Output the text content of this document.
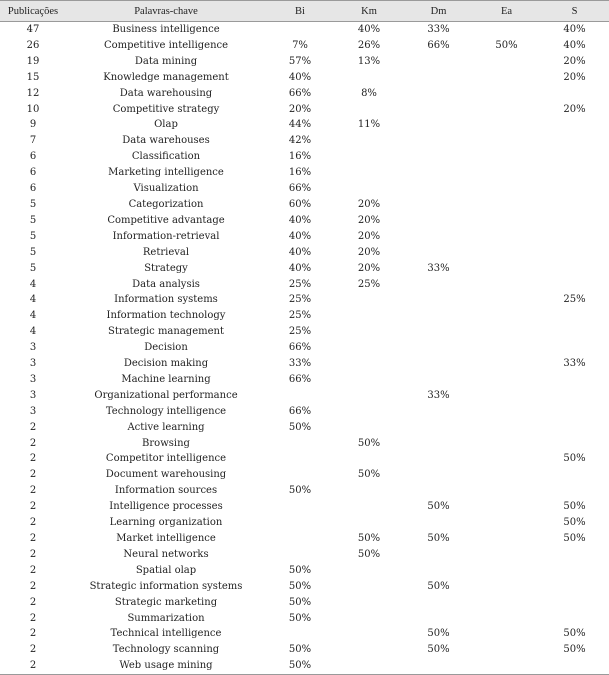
Publicações	Palavras-chave	Bi	Km	Dm	Ea	S
47	Business intelligence		40%	33%		40%
26	Competitive intelligence	7%	26%	66%	50%	40%
19	Data mining	57%	13%			20%
15	Knowledge management	40%				20%
12	Data warehousing	66%	8%			
10	Competitive strategy	20%				20%
9	Olap	44%	11%			
7	Data warehouses	42%				
6	Classification	16%				
6	Marketing intelligence	16%				
6	Visualization	66%				
5	Categorization	60%	20%			
5	Competitive advantage	40%	20%			
5	Information-retrieval	40%	20%			
5	Retrieval	40%	20%			
5	Strategy	40%	20%	33%		
4	Data analysis	25%	25%			
4	Information systems	25%				25%
4	Information technology	25%				
4	Strategic management	25%				
3	Decision	66%				
3	Decision making	33%				33%
3	Machine learning	66%				
3	Organizational performance			33%		
3	Technology intelligence	66%				
2	Active learning	50%				
2	Browsing		50%			
2	Competitor intelligence					50%
2	Document warehousing		50%			
2	Information sources	50%				
2	Intelligence processes			50%		50%
2	Learning organization					50%
2	Market intelligence		50%	50%		50%
2	Neural networks		50%			
2	Spatial olap	50%				
2	Strategic information systems	50%		50%		
2	Strategic marketing	50%				
2	Summarization	50%				
2	Technical intelligence			50%		50%
2	Technology scanning	50%		50%		50%
2	Web usage mining	50%				
